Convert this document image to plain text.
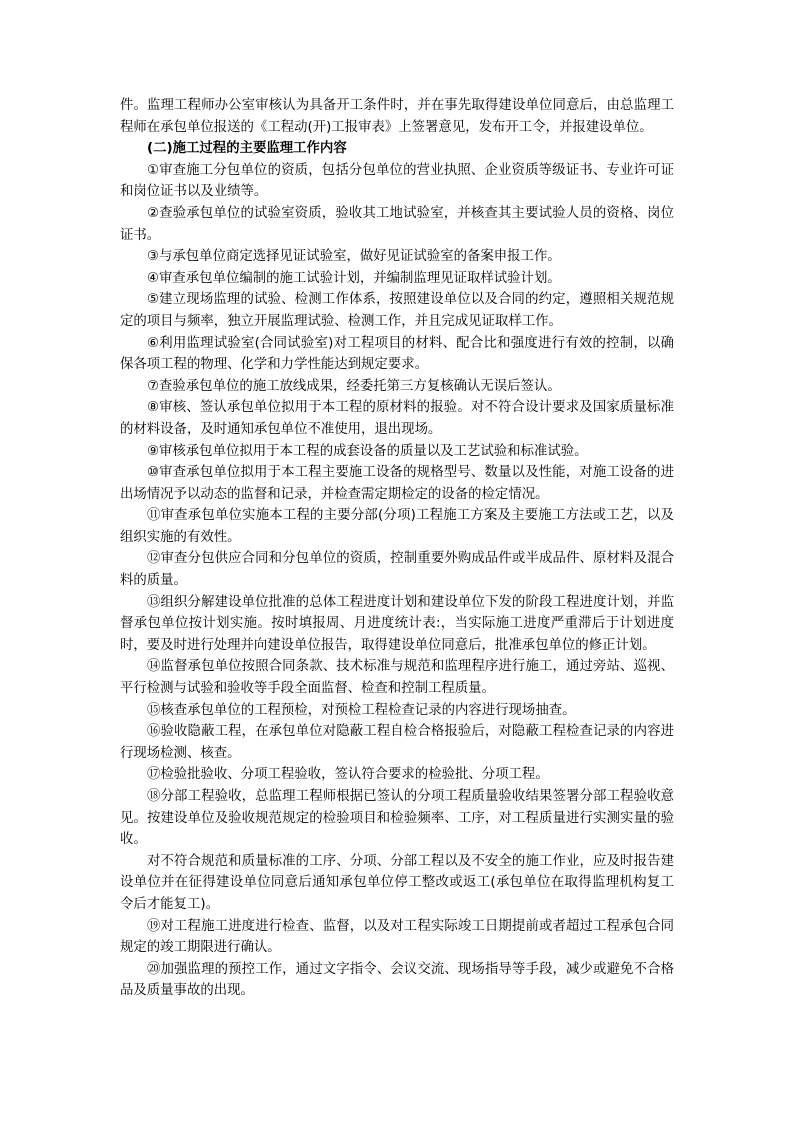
件。监理工程师办公室审核认为具备开工条件时，并在事先取得建设单位同意后，由总监理工程师在承包单位报送的《工程动(开)工报审表》上签署意见，发布开工令，并报建设单位。

(二)施工过程的主要监理工作内容

①审查施工分包单位的资质，包括分包单位的营业执照、企业资质等级证书、专业许可证和岗位证书以及业绩等。

②查验承包单位的试验室资质，验收其工地试验室，并核查其主要试验人员的资格、岗位证书。

③与承包单位商定选择见证试验室，做好见证试验室的备案申报工作。

④审查承包单位编制的施工试验计划，并编制监理见证取样试验计划。

⑤建立现场监理的试验、检测工作体系，按照建设单位以及合同的约定，遵照相关规范规定的项目与频率，独立开展监理试验、检测工作，并且完成见证取样工作。

⑥利用监理试验室(合同试验室)对工程项目的材料、配合比和强度进行有效的控制，以确保各项工程的物理、化学和力学性能达到规定要求。

⑦查验承包单位的施工放线成果，经委托第三方复核确认无误后签认。

⑧审核、签认承包单位拟用于本工程的原材料的报验。对不符合设计要求及国家质量标准的材料设备，及时通知承包单位不准使用，退出现场。

⑨审核承包单位拟用于本工程的成套设备的质量以及工艺试验和标准试验。

⑩审查承包单位拟用于本工程主要施工设备的规格型号、数量以及性能，对施工设备的进出场情况予以动态的监督和记录，并检查需定期检定的设备的检定情况。

⑪审查承包单位实施本工程的主要分部(分项)工程施工方案及主要施工方法或工艺，以及组织实施的有效性。

⑫审查分包供应合同和分包单位的资质，控制重要外购成品件或半成品件、原材料及混合料的质量。

⑬组织分解建设单位批准的总体工程进度计划和建设单位下发的阶段工程进度计划，并监督承包单位按计划实施。按时填报周、月进度统计表:，当实际施工进度严重滞后于计划进度时，要及时进行处理并向建设单位报告，取得建设单位同意后，批准承包单位的修正计划。

⑭监督承包单位按照合同条款、技术标准与规范和监理程序进行施工，通过旁站、巡视、平行检测与试验和验收等手段全面监督、检查和控制工程质量。

⑮核查承包单位的工程预检，对预检工程检查记录的内容进行现场抽查。

⑯验收隐蔽工程，在承包单位对隐蔽工程自检合格报验后，对隐蔽工程检查记录的内容进行现场检测、核查。

⑰检验批验收、分项工程验收，签认符合要求的检验批、分项工程。

⑱分部工程验收，总监理工程师根据已签认的分项工程质量验收结果签署分部工程验收意见。按建设单位及验收规范规定的检验项目和检验频率、工序，对工程质量进行实测实量的验收。

对不符合规范和质量标准的工序、分项、分部工程以及不安全的施工作业，应及时报告建设单位并在征得建设单位同意后通知承包单位停工整改或返工(承包单位在取得监理机构复工令后才能复工)。

⑲对工程施工进度进行检查、监督，以及对工程实际竣工日期提前或者超过工程承包合同规定的竣工期限进行确认。

⑳加强监理的预控工作，通过文字指令、会议交流、现场指导等手段，减少或避免不合格品及质量事故的出现。
